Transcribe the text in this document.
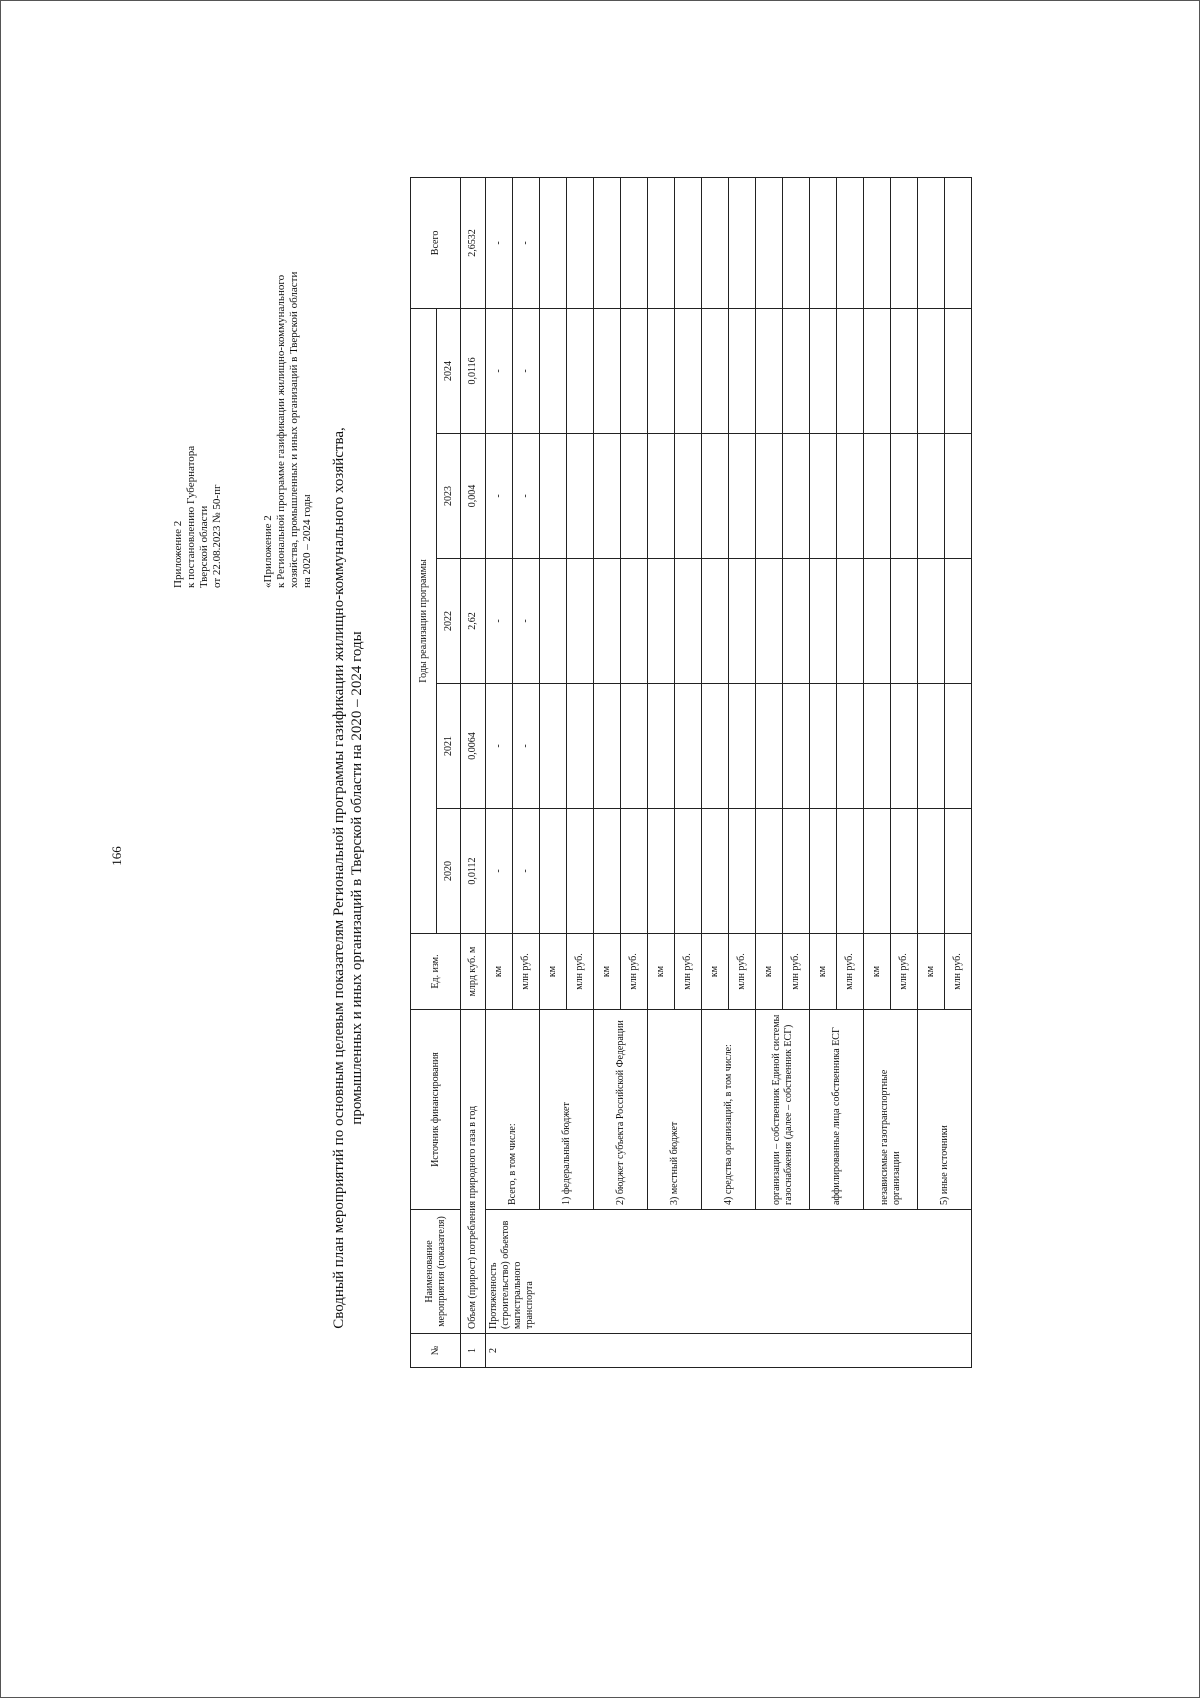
166
Приложение 2 к постановлению Губернатора Тверской области от 22.08.2023 № 50-пг	«Приложение 2 к Региональной программе газификации жилищно-коммунального хозяйства, промышленных и иных организаций в Тверской области на 2020 – 2024 годы Сводный план мероприятий по основным целевым показателям Региональной программы газификации жилищно-коммунального хозяйства, промышленных и иных организаций в Тверской области на 2020 – 2024 годы
№	Наименование мероприятия (показателя)	Источник финансирования	Ед. изм.	Годы реализации программы					Всего
				2020	2021	2022	2023	2024	
1	Объем (прирост) потребления природного газа в год		млрд куб. м	0,0112	0,0064	2,62	0,004	0,0116	2,6532
2	Протяженность (строительство) объектов магистрального транспорта	Всего, в том числе:	км	-	-	-	-	-	-
			млн руб.	-	-	-	-	-	-
		1) федеральный бюджет	км						
			млн руб.						
		2) бюджет субъекта Российской Федерации	км						
			млн руб.						
		3) местный бюджет	км						
			млн руб.						
		4) средства организаций, в том числе:	км						
			млн руб.						
		организации – собственник Единой системы газоснабжения (далее – собственник ЕСГ)	км						
			млн руб.						
		аффилированные лица собственника ЕСГ	км						
			млн руб.						
		независимые газотранспортные организации	км						
			млн руб.						
		5) иные источники	км						
			млн руб.						
